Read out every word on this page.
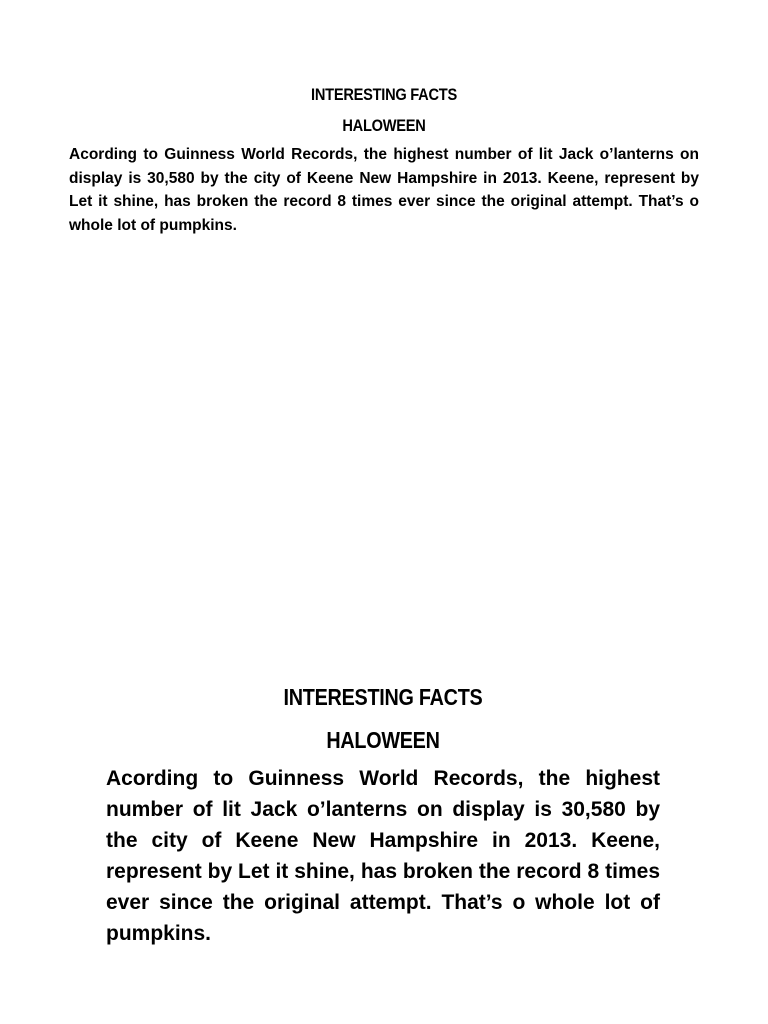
INTERESTING FACTS
HALOWEEN

Acording to Guinness World Records, the highest number of lit Jack o’lanterns on display is 30,580 by the city of Keene New Hampshire in 2013. Keene, represent by Let it shine, has broken the record 8 times ever since the original attempt. That’s o whole lot of pumpkins.

INTERESTING FACTS
HALOWEEN

Acording to Guinness World Records, the highest number of lit Jack o’lanterns on display is 30,580 by the city of Keene New Hampshire in 2013. Keene, represent by Let it shine, has broken the record 8 times ever since the original attempt. That’s o whole lot of pumpkins.
